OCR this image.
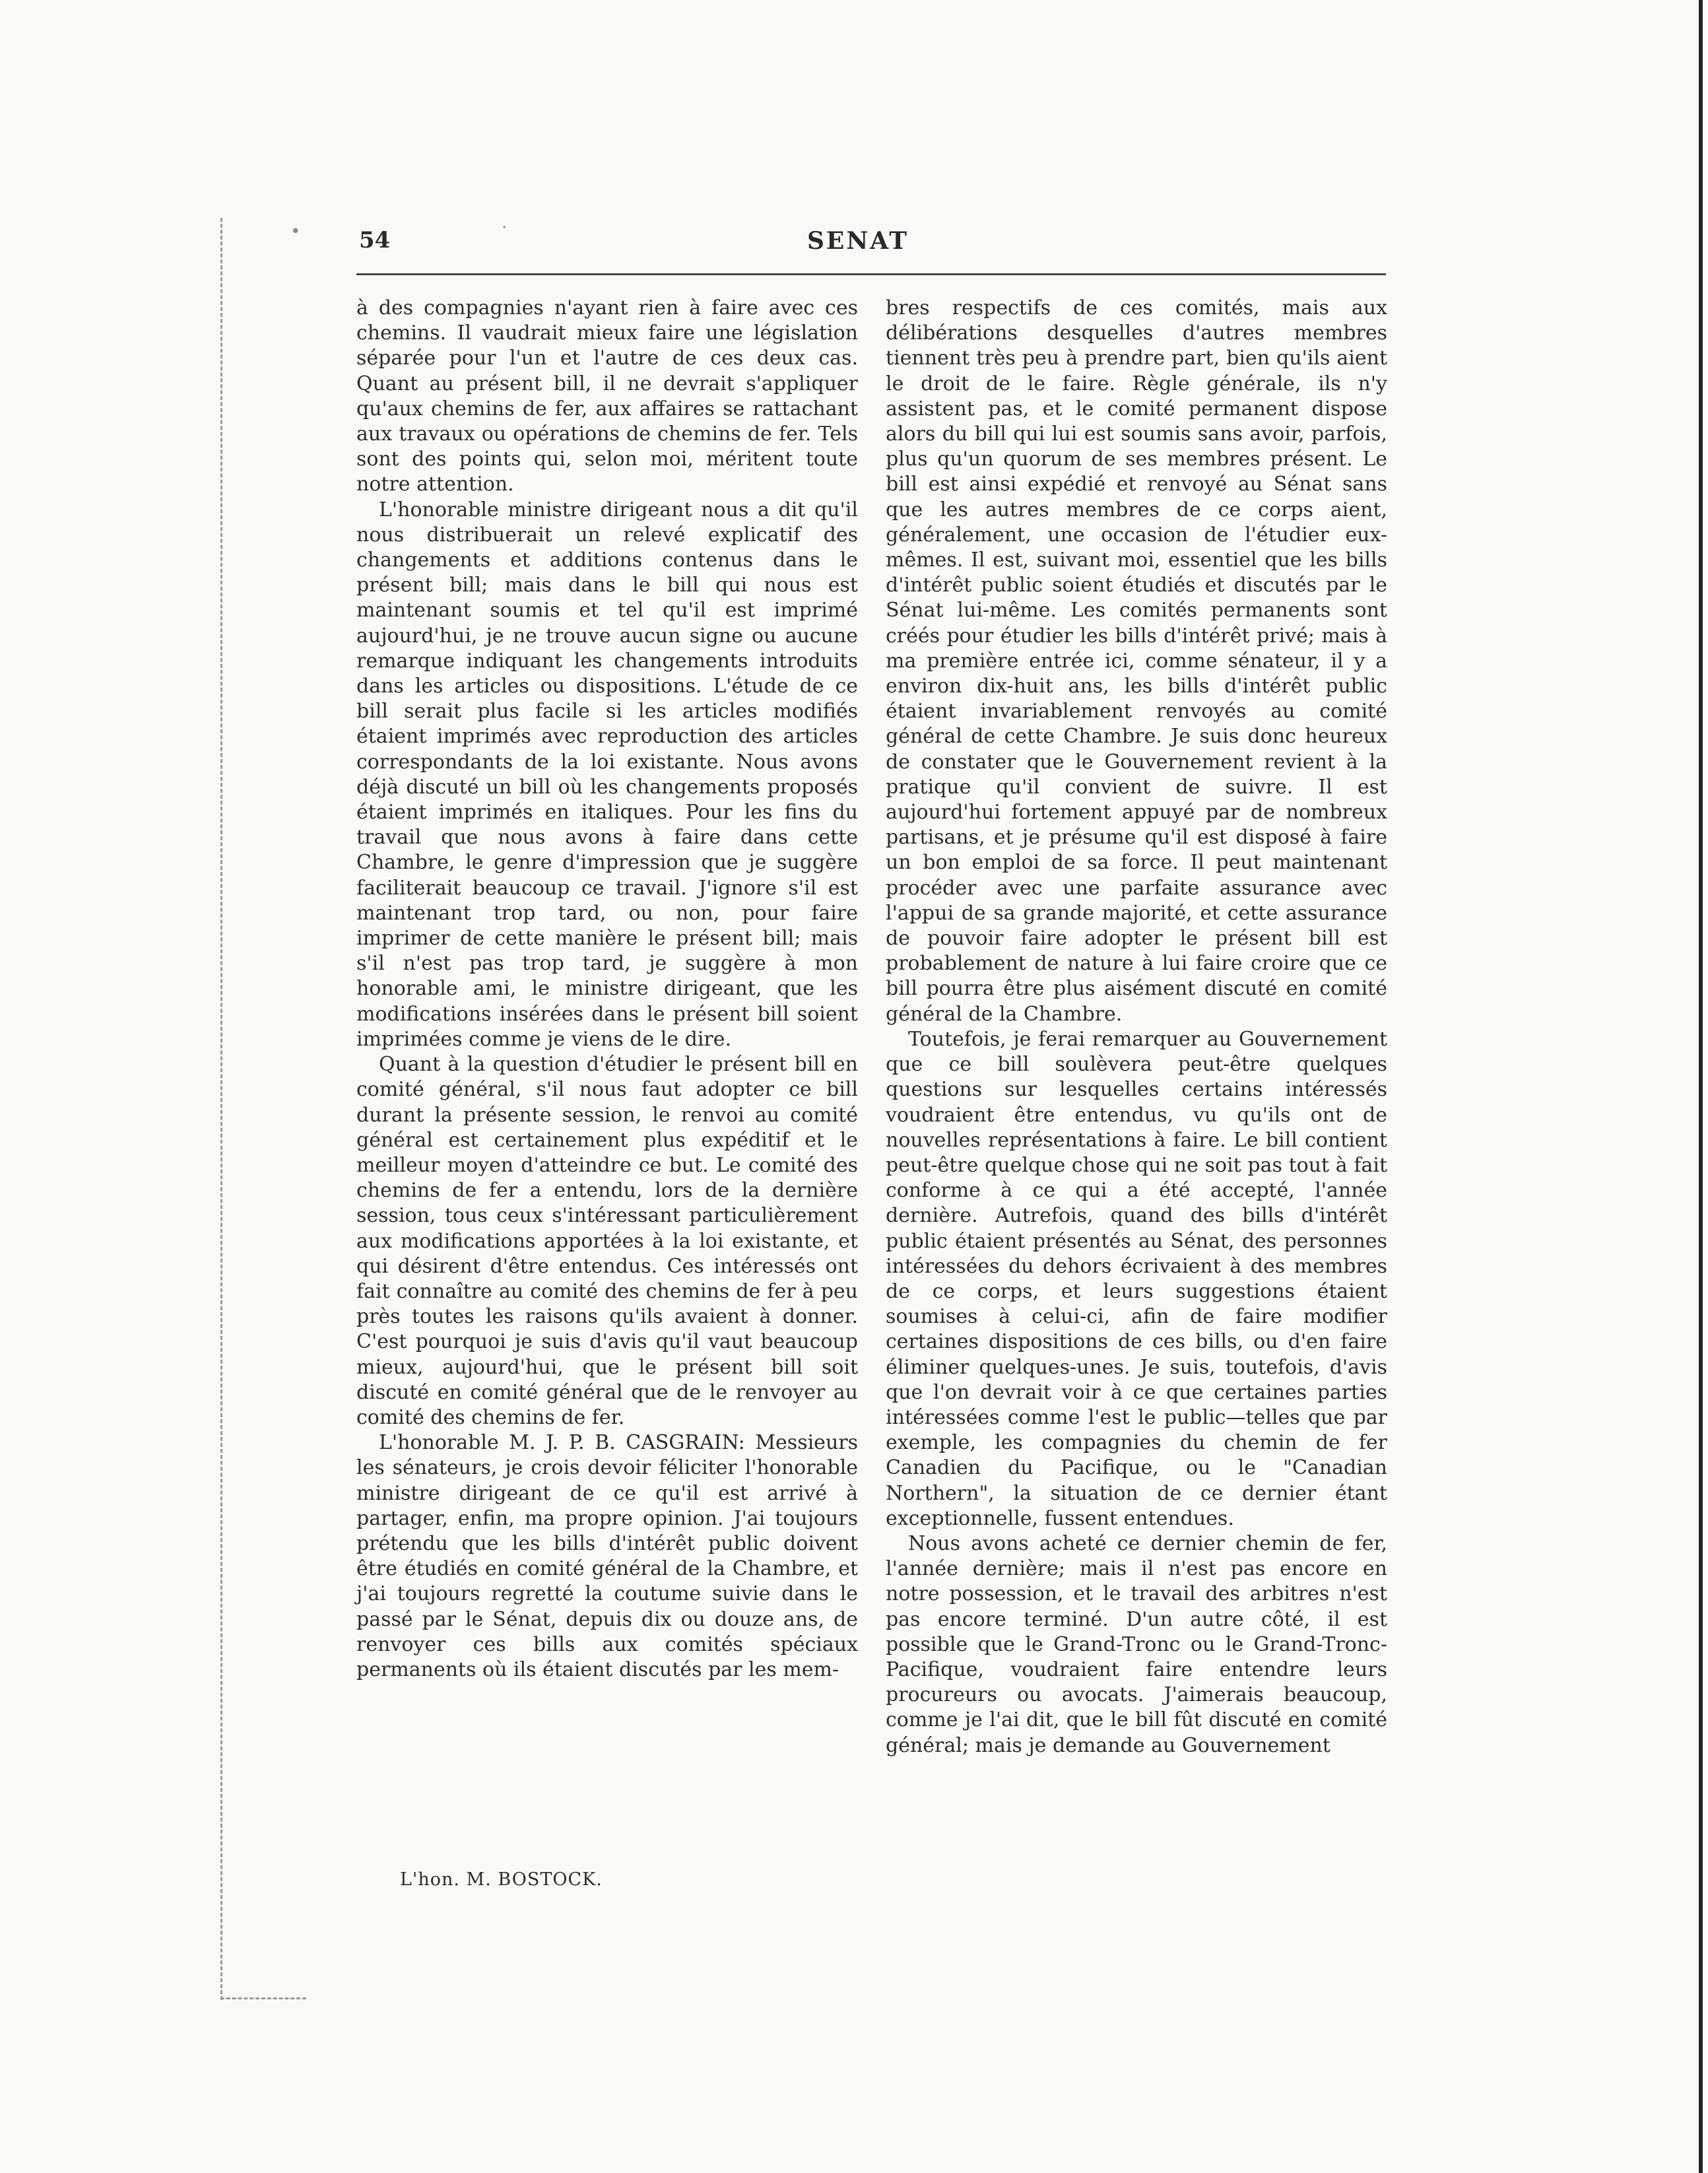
•	·
54	SENAT

à des compagnies n'ayant rien à faire avec ces chemins. Il vaudrait mieux faire une législation séparée pour l'un et l'autre de ces deux cas. Quant au présent bill, il ne devrait s'appliquer qu'aux chemins de fer, aux affaires se rattachant aux travaux ou opérations de chemins de fer. Tels sont des points qui, selon moi, méritent toute notre attention.

L'honorable ministre dirigeant nous a dit qu'il nous distribuerait un relevé explicatif des changements et additions contenus dans le présent bill; mais dans le bill qui nous est maintenant soumis et tel qu'il est imprimé aujourd'hui, je ne trouve aucun signe ou aucune remarque indiquant les changements introduits dans les articles ou dispositions. L'étude de ce bill serait plus facile si les articles modifiés étaient imprimés avec reproduction des articles correspondants de la loi existante. Nous avons déjà discuté un bill où les changements proposés étaient imprimés en italiques. Pour les fins du travail que nous avons à faire dans cette Chambre, le genre d'impression que je suggère faciliterait beaucoup ce travail. J'ignore s'il est maintenant trop tard, ou non, pour faire imprimer de cette manière le présent bill; mais s'il n'est pas trop tard, je suggère à mon honorable ami, le ministre dirigeant, que les modifications insérées dans le présent bill soient imprimées comme je viens de le dire.

Quant à la question d'étudier le présent bill en comité général, s'il nous faut adopter ce bill durant la présente session, le renvoi au comité général est certainement plus expéditif et le meilleur moyen d'atteindre ce but. Le comité des chemins de fer a entendu, lors de la dernière session, tous ceux s'intéressant particulièrement aux modifications apportées à la loi existante, et qui désirent d'être entendus. Ces intéressés ont fait connaître au comité des chemins de fer à peu près toutes les raisons qu'ils avaient à donner. C'est pourquoi je suis d'avis qu'il vaut beaucoup mieux, aujourd'hui, que le présent bill soit discuté en comité général que de le renvoyer au comité des chemins de fer.

L'honorable M. J. P. B. CASGRAIN: Messieurs les sénateurs, je crois devoir féliciter l'honorable ministre dirigeant de ce qu'il est arrivé à partager, enfin, ma propre opinion. J'ai toujours prétendu que les bills d'intérêt public doivent être étudiés en comité général de la Chambre, et j'ai toujours regretté la coutume suivie dans le passé par le Sénat, depuis dix ou douze ans, de renvoyer ces bills aux comités spéciaux permanents où ils étaient discutés par les mem-

bres respectifs de ces comités, mais aux délibérations desquelles d'autres membres tiennent très peu à prendre part, bien qu'ils aient le droit de le faire. Règle générale, ils n'y assistent pas, et le comité permanent dispose alors du bill qui lui est soumis sans avoir, parfois, plus qu'un quorum de ses membres présent. Le bill est ainsi expédié et renvoyé au Sénat sans que les autres membres de ce corps aient, généralement, une occasion de l'étudier eux-mêmes. Il est, suivant moi, essentiel que les bills d'intérêt public soient étudiés et discutés par le Sénat lui-même. Les comités permanents sont créés pour étudier les bills d'intérêt privé; mais à ma première entrée ici, comme sénateur, il y a environ dix-huit ans, les bills d'intérêt public étaient invariablement renvoyés au comité général de cette Chambre. Je suis donc heureux de constater que le Gouvernement revient à la pratique qu'il convient de suivre. Il est aujourd'hui fortement appuyé par de nombreux partisans, et je présume qu'il est disposé à faire un bon emploi de sa force. Il peut maintenant procéder avec une parfaite assurance avec l'appui de sa grande majorité, et cette assurance de pouvoir faire adopter le présent bill est probablement de nature à lui faire croire que ce bill pourra être plus aisément discuté en comité général de la Chambre.

Toutefois, je ferai remarquer au Gouvernement que ce bill soulèvera peut-être quelques questions sur lesquelles certains intéressés voudraient être entendus, vu qu'ils ont de nouvelles représentations à faire. Le bill contient peut-être quelque chose qui ne soit pas tout à fait conforme à ce qui a été accepté, l'année dernière. Autrefois, quand des bills d'intérêt public étaient présentés au Sénat, des personnes intéressées du dehors écrivaient à des membres de ce corps, et leurs suggestions étaient soumises à celui-ci, afin de faire modifier certaines dispositions de ces bills, ou d'en faire éliminer quelques-unes. Je suis, toutefois, d'avis que l'on devrait voir à ce que certaines parties intéressées comme l'est le public—telles que par exemple, les compagnies du chemin de fer Canadien du Pacifique, ou le "Canadian Northern", la situation de ce dernier étant exceptionnelle, fussent entendues.

Nous avons acheté ce dernier chemin de fer, l'année dernière; mais il n'est pas encore en notre possession, et le travail des arbitres n'est pas encore terminé. D'un autre côté, il est possible que le Grand-Tronc ou le Grand-Tronc-Pacifique, voudraient faire entendre leurs procureurs ou avocats. J'aimerais beaucoup, comme je l'ai dit, que le bill fût discuté en comité général; mais je demande au Gouvernement

L'hon. M. BOSTOCK.
